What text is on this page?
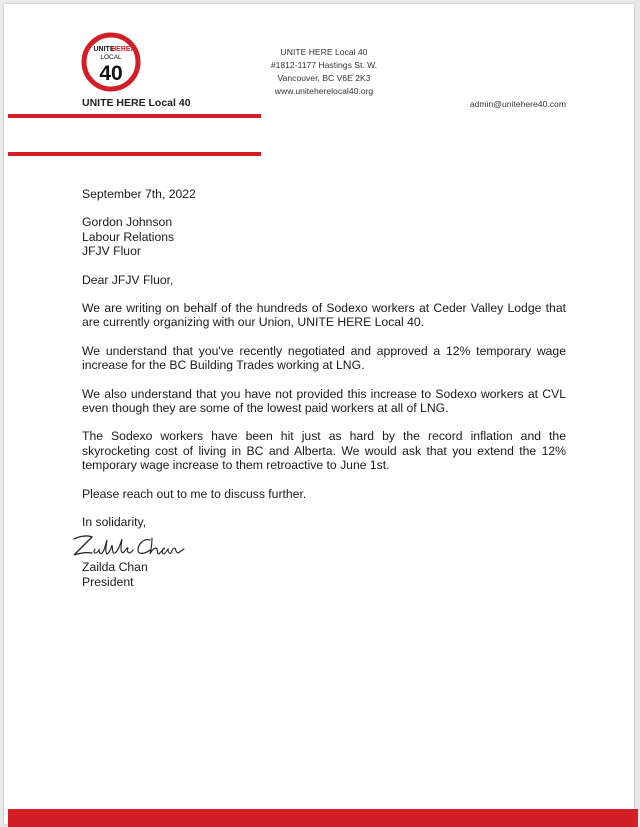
UNITE
HERE!
LOCAL
40
UNITE HERE Local 40
UNITE HERE Local 40
#1812-1177 Hastings St. W.
Vancouver, BC V6E 2K3
www.uniteherelocal40.org
admin@unitehere40.com

September 7th, 2022

Gordon Johnson
Labour Relations
JFJV Fluor

Dear JFJV Fluor,

We are writing on behalf of the hundreds of Sodexo workers at Ceder Valley Lodge that are currently organizing with our Union, UNITE HERE Local 40.

We understand that you've recently negotiated and approved a 12% temporary wage increase for the BC Building Trades working at LNG.

We also understand that you have not provided this increase to Sodexo workers at CVL even though they are some of the lowest paid workers at all of LNG.

The Sodexo workers have been hit just as hard by the record inflation and the skyrocketing cost of living in BC and Alberta. We would ask that you extend the 12% temporary wage increase to them retroactive to June 1st.

Please reach out to me to discuss further.

In solidarity,

Zailda Chan
President
